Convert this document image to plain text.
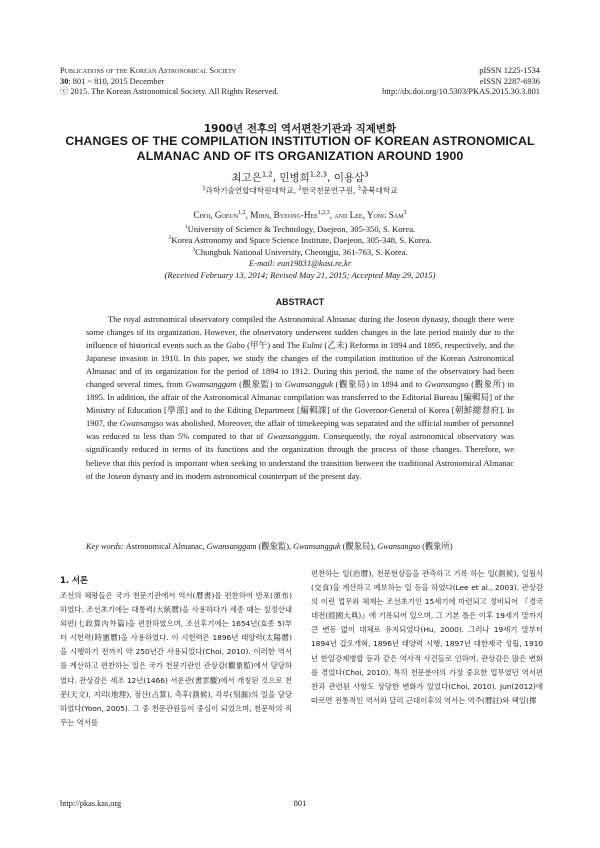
Publications of the Korean Astronomical Society
30: 801 ~ 810, 2015 December
ⓒ 2015. The Korean Astronomical Society. All Rights Reserved.
pISSN 1225-1534
eISSN 2287-6936
http://dx.doi.org/10.5303/PKAS.2015.30.3.801
1900년 전후의 역서편찬기관과 직제변화
CHANGES OF THE COMPILATION INSTITUTION OF KOREAN ASTRONOMICAL
ALMANAC AND OF ITS ORGANIZATION AROUND 1900
최고은$^{1,2}$, 민병희$^{1,2,3}$, 이용삼$^3$
$^1$과학기술연합대학원대학교, $^2$한국천문연구원, $^3$충북대학교
Choi, Goeun$^{1,2}$, Mihn, Byeong-Hee$^{1,2,3}$, and Lee, Yong Sam$^3$
$^1$University of Science & Technology, Daejeon, 305-350, S. Korea.
$^2$Korea Astronomy and Space Science Institute, Daejeon, 305-348, S. Korea.
$^3$Chungbuk National University, Cheongju, 361-763, S. Korea.
E-mail: eun19831@kasi.re.kr
(Received February 13, 2014; Revised May 21, 2015; Accepted May 29, 2015)
ABSTRACT
The royal astronomical observatory compiled the Astronomical Almanac during the Joseon dynasty, though there were some changes of its organization. However, the observatory underwent sudden changes in the late period mainly due to the influence of historical events such as the Gabo (甲午) and The Eulmi (乙未) Reforms in 1894 and 1895, respectively, and the Japanese invasion in 1910. In this paper, we study the changes of the compilation institution of the Korean Astronomical Almanac and of its organization for the period of 1894 to 1912. During this period, the name of the observatory had been changed several times, from Gwansanggam (觀象監) to Gwansangguk (觀象局) in 1894 and to Gwansangso (觀象所) in 1895. In addition, the affair of the Astronomical Almanac compilation was transferred to the Editorial Bureau [編輯局] of the Ministry of Education [學部] and to the Editing Department [編輯課] of the Governor-General of Korea [朝鮮總督府]. In 1907, the Gwansangso was abolished. Moreover, the affair of timekeeping was separated and the official number of personnel was reduced to less than 5% compared to that of Gwansanggam. Consequently, the royal astronomical observatory was significantly reduced in terms of its functions and the organization through the process of those changes. Therefore, we believe that this period is important when seeking to understand the transition between the traditional Astronomical Almanac of the Joseon dynasty and its modern astronomical counterpart of the present day.
Key words: Astronomical Almanac, Gwansanggam (觀象監), Gwansangguk (觀象局), Gwansangso (觀象所)
1. 서론
조선의 체왕들은 국가 천문기관에서 역서(曆書)를 편찬하여 반포(頒布)하였다. 조선초기에는 대통력(大統曆)을 사용하다가 세종 때는 칠정산내외편(七政算內外篇)을 편찬하였으며, 조선후기에는 1654년(효종 5)부터 시헌력(時憲曆)을 사용하였다. 이 시헌력은 1896년 태양력(太陽曆)을 시행하기 전까지 약 250년간 사용되었다(Choi, 2010). 이러한 역서를 계산하고 편찬하는 일은 국가 천문기관인 관상감(觀象監)에서 담당하였다. 관상감은 세조 12년(1466) 서운관(書雲觀)에서 개칭된 것으로 천문(天文), 지리(地理), 점산(占算), 측후(測候), 각루(刻漏)의 일을 담당하였다(Yoon, 2005). 그 중 천문관원들이 중심이 되었으며, 천문학의 직무는 역서를
편찬하는 일(治曆), 천문현상들을 관측하고 기록 하는 일(測候), 일월식(交食)을 계산하고 예보하는 일 등을 하였다(Lee et al., 2003). 관상감의 이런 업무와 체제는 조선초기인 15세기에 마련되고 정비되어 『경국대전(經國大典)』에 기록되어 있으며, 그 기본 틀은 이후 19세기 말까지 큰 변동 없이 대체로 유지되었다(Hu, 2000). 그러나 19세기 말부터 1894년 갑오개혁, 1896년 태양력 시행, 1897년 대한제국 성립, 1910년 한일강제병합 등과 같은 역사적 사건들로 인하여, 관상감은 많은 변화를 겪었다(Choi, 2010). 특히 천문분야의 가장 중요한 업무였던 역서편찬과 관련된 사항도 상당한 변화가 있었다(Choi, 2010). Jun(2012)에 따르면 전통적인 역서와 달리 근대이후의 역서는 역주(曆註)와 택일(擇
http://pkas.kas.org	801
